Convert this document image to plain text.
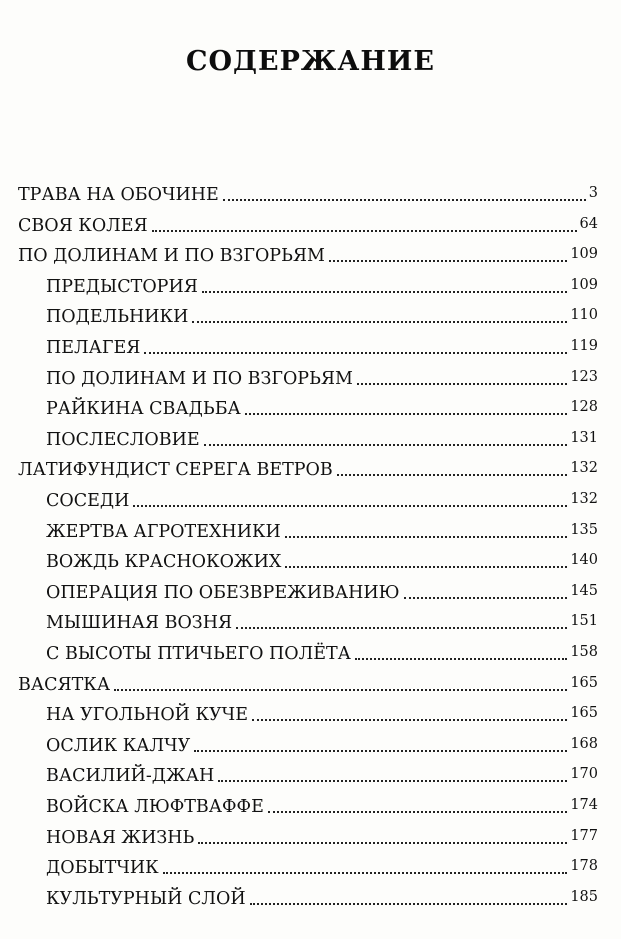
СОДЕРЖАНИЕ
ТРАВА НА ОБОЧИНЕ	3
СВОЯ КОЛЕЯ	64
ПО ДОЛИНАМ И ПО ВЗГОРЬЯМ	109
ПРЕДЫСТОРИЯ	109
ПОДЕЛЬНИКИ	110
ПЕЛАГЕЯ	119
ПО ДОЛИНАМ И ПО ВЗГОРЬЯМ	123
РАЙКИНА СВАДЬБА	128
ПОСЛЕСЛОВИЕ	131
ЛАТИФУНДИСТ СЕРЕГА ВЕТРОВ	132
СОСЕДИ	132
ЖЕРТВА АГРОТЕХНИКИ	135
ВОЖДЬ КРАСНОКОЖИХ	140
ОПЕРАЦИЯ ПО ОБЕЗВРЕЖИВАНИЮ	145
МЫШИНАЯ ВОЗНЯ	151
С ВЫСОТЫ ПТИЧЬЕГО ПОЛЁТА	158
ВАСЯТКА	165
НА УГОЛЬНОЙ КУЧЕ	165
ОСЛИК КАЛЧУ	168
ВАСИЛИЙ-ДЖАН	170
ВОЙСКА ЛЮФТВАФФЕ	174
НОВАЯ ЖИЗНЬ	177
ДОБЫТЧИК	178
КУЛЬТУРНЫЙ СЛОЙ	185
